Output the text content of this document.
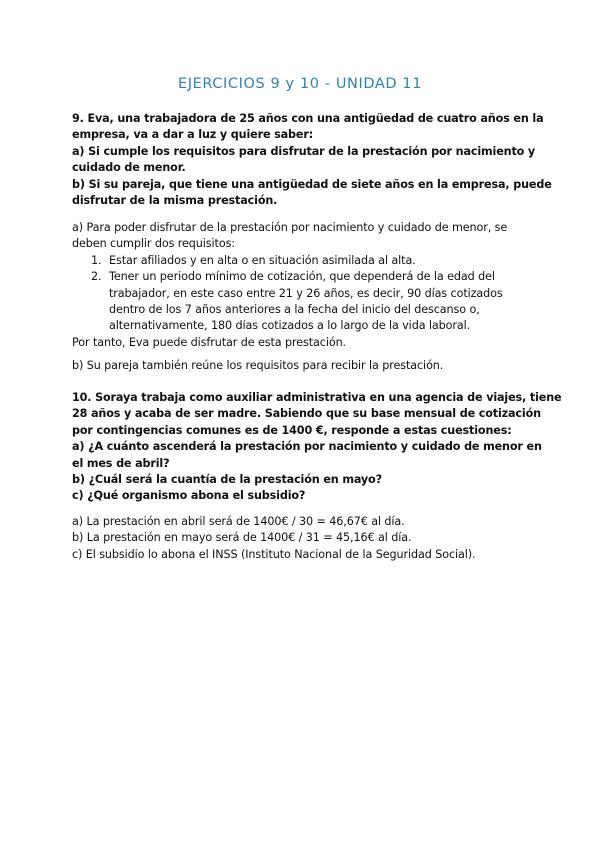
EJERCICIOS 9 y 10 - UNIDAD 11
9. Eva, una trabajadora de 25 años con una antigüedad de cuatro años en la
empresa, va a dar a luz y quiere saber:
a) Si cumple los requisitos para disfrutar de la prestación por nacimiento y
cuidado de menor.
b) Si su pareja, que tiene una antigüedad de siete años en la empresa, puede
disfrutar de la misma prestación.
a) Para poder disfrutar de la prestación por nacimiento y cuidado de menor, se
deben cumplir dos requisitos:
1. Estar afiliados y en alta o en situación asimilada al alta.
2. Tener un periodo mínimo de cotización, que dependerá de la edad del
trabajador, en este caso entre 21 y 26 años, es decir, 90 días cotizados
dentro de los 7 años anteriores a la fecha del inicio del descanso o,
alternativamente, 180 días cotizados a lo largo de la vida laboral.
Por tanto, Eva puede disfrutar de esta prestación.
b) Su pareja también reúne los requisitos para recibir la prestación.
10. Soraya trabaja como auxiliar administrativa en una agencia de viajes, tiene
28 años y acaba de ser madre. Sabiendo que su base mensual de cotización
por contingencias comunes es de 1400 €, responde a estas cuestiones:
a) ¿A cuánto ascenderá la prestación por nacimiento y cuidado de menor en
el mes de abril?
b) ¿Cuál será la cuantía de la prestación en mayo?
c) ¿Qué organismo abona el subsidio?
a) La prestación en abril será de 1400€ / 30 = 46,67€ al día.
b) La prestación en mayo será de 1400€ / 31 = 45,16€ al día.
c) El subsidio lo abona el INSS (Instituto Nacional de la Seguridad Social).
